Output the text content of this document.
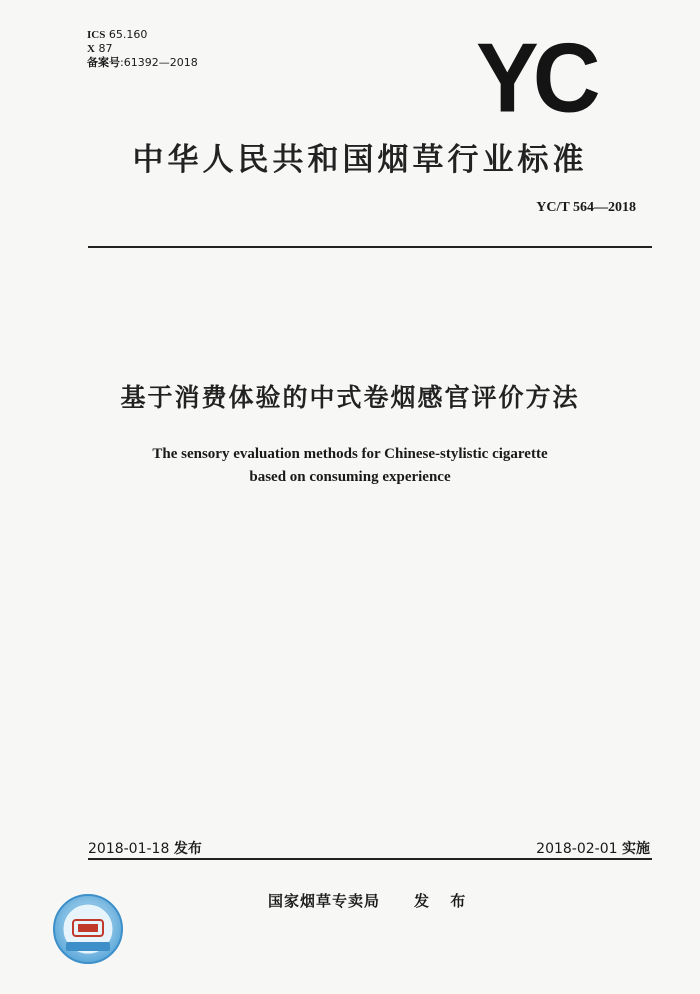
ICS 65.160
X 87
备案号:61392—2018	YC
中华人民共和国烟草行业标准
YC/T 564—2018
基于消费体验的中式卷烟感官评价方法
The sensory evaluation methods for Chinese-stylistic cigarette
based on consuming experience
2018-01-18 发布	2018-02-01 实施
国家烟草专卖局 发 布
